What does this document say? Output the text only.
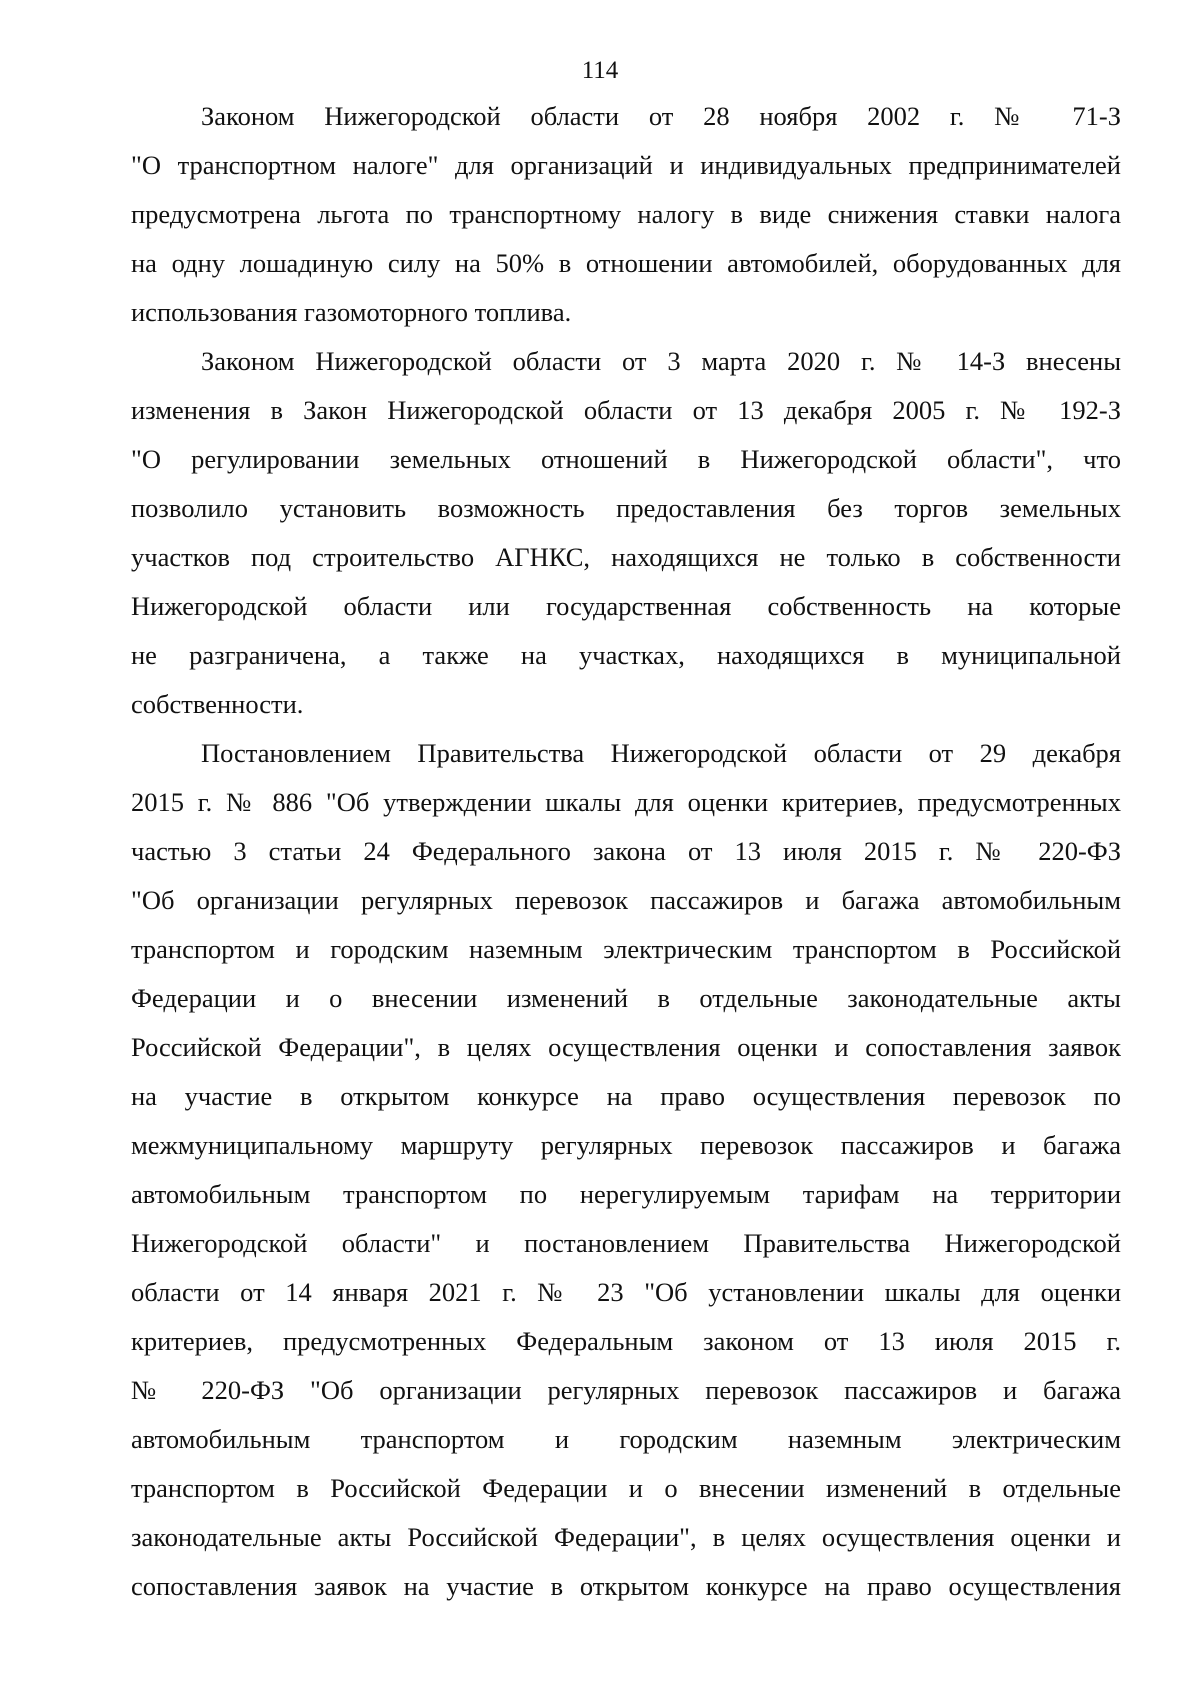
114

Законом Нижегородской области от 28 ноября 2002 г. № 71-З
"О транспортном налоге" для организаций и индивидуальных предпринимателей
предусмотрена льгота по транспортному налогу в виде снижения ставки налога
на одну лошадиную силу на 50% в отношении автомобилей, оборудованных для
использования газомоторного топлива.

Законом Нижегородской области от 3 марта 2020 г. № 14-З внесены
изменения в Закон Нижегородской области от 13 декабря 2005 г. № 192-З
"О регулировании земельных отношений в Нижегородской области", что
позволило установить возможность предоставления без торгов земельных
участков под строительство АГНКС, находящихся не только в собственности
Нижегородской области или государственная собственность на которые
не разграничена, а также на участках, находящихся в муниципальной
собственности.

Постановлением Правительства Нижегородской области от 29 декабря
2015 г. № 886 "Об утверждении шкалы для оценки критериев, предусмотренных
частью 3 статьи 24 Федерального закона от 13 июля 2015 г. № 220-ФЗ
"Об организации регулярных перевозок пассажиров и багажа автомобильным
транспортом и городским наземным электрическим транспортом в Российской
Федерации и о внесении изменений в отдельные законодательные акты
Российской Федерации", в целях осуществления оценки и сопоставления заявок
на участие в открытом конкурсе на право осуществления перевозок по
межмуниципальному маршруту регулярных перевозок пассажиров и багажа
автомобильным транспортом по нерегулируемым тарифам на территории
Нижегородской области" и постановлением Правительства Нижегородской
области от 14 января 2021 г. № 23 "Об установлении шкалы для оценки
критериев, предусмотренных Федеральным законом от 13 июля 2015 г.
№ 220-ФЗ "Об организации регулярных перевозок пассажиров и багажа
автомобильным транспортом и городским наземным электрическим
транспортом в Российской Федерации и о внесении изменений в отдельные
законодательные акты Российской Федерации", в целях осуществления оценки и
сопоставления заявок на участие в открытом конкурсе на право осуществления
